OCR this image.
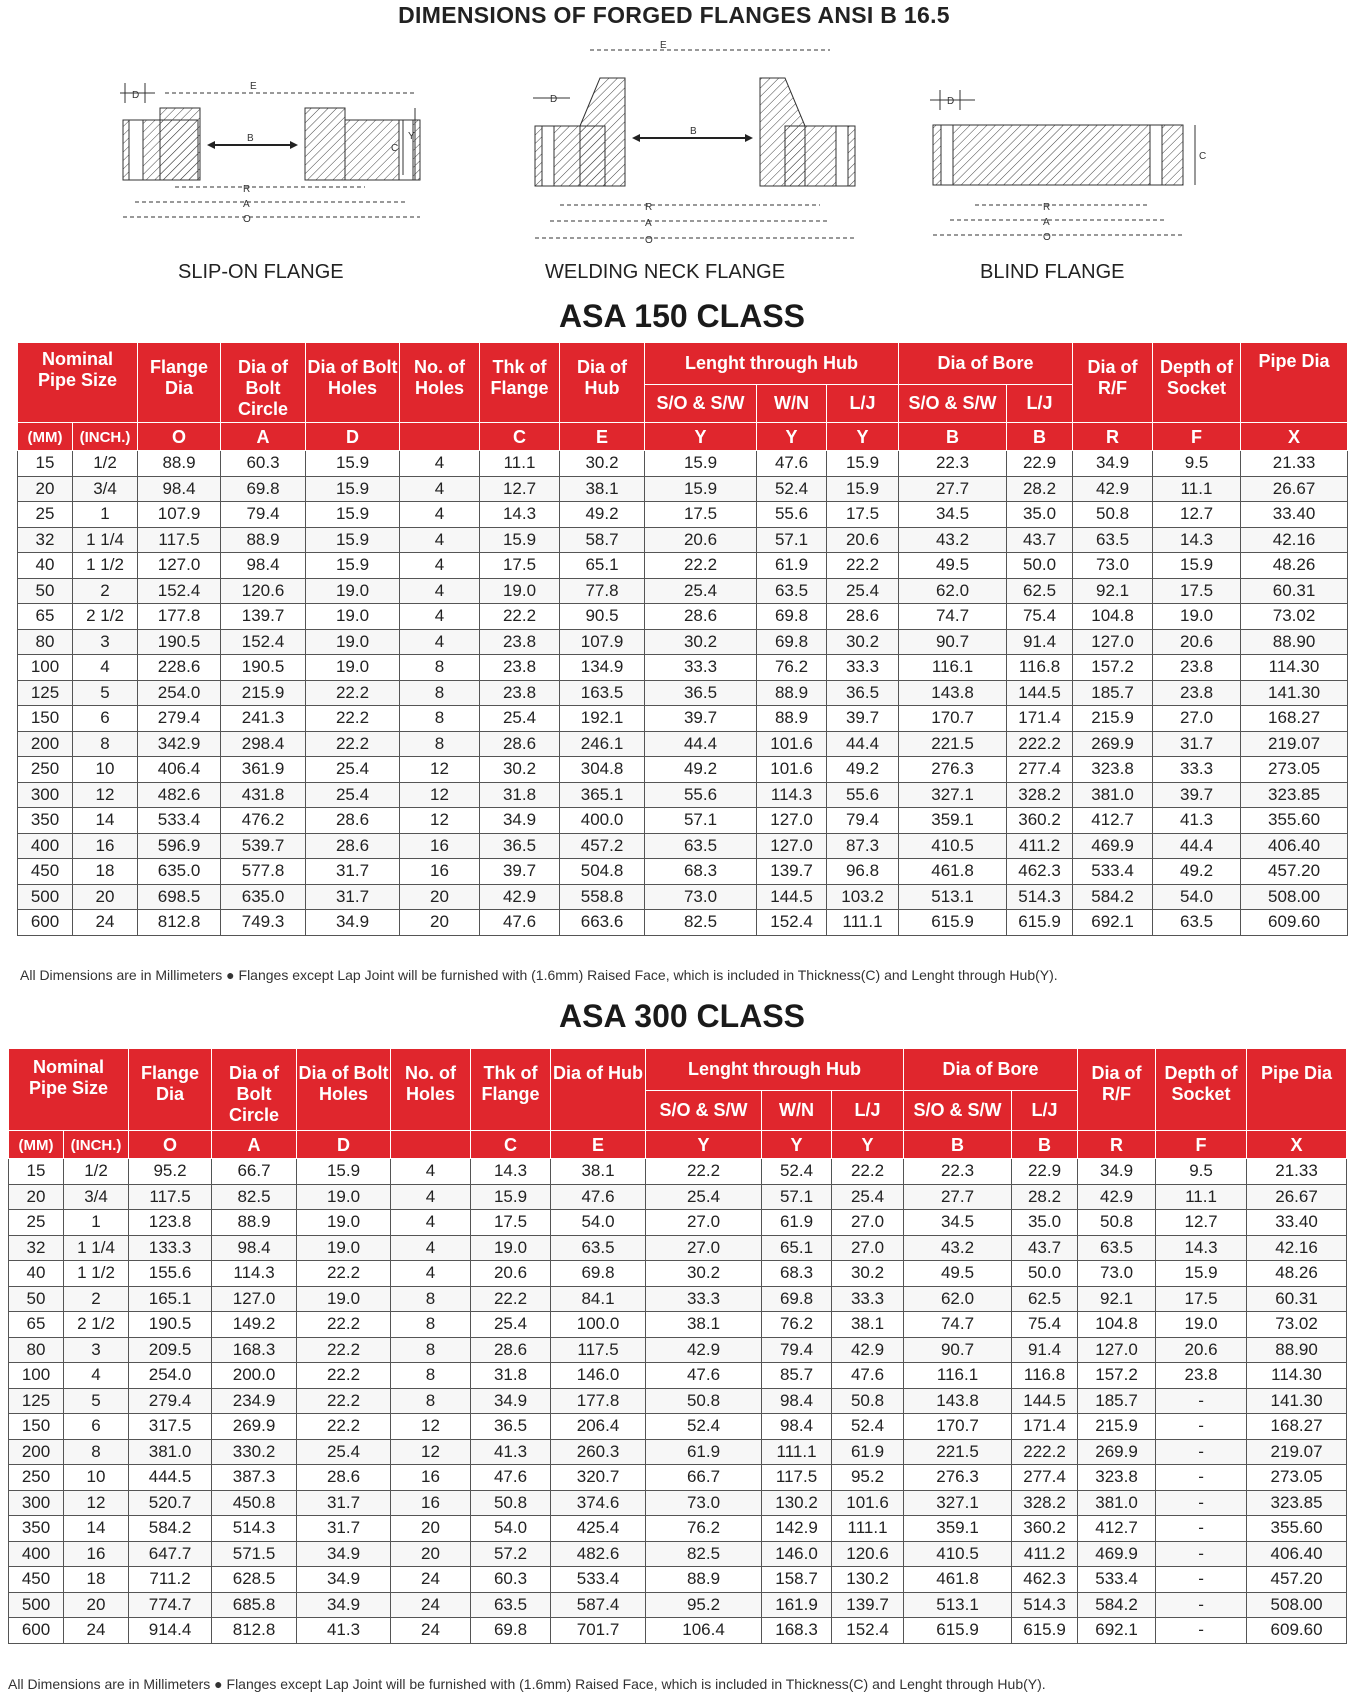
DIMENSIONS OF FORGED FLANGES ANSI B 16.5
D
E
B
R
A
O
C
Y
SLIP-ON FLANGE
E
D
B
R
A
O
WELDING NECK FLANGE
D
C
R
A
O
BLIND FLANGE
ASA 150 CLASS
Nominal Pipe Size		Flange Dia	Dia of Bolt Circle	Dia of Bolt Holes	No. of Holes	Thk of Flange	Dia of Hub	Lenght through Hub			Dia of Bore		Dia of R/F	Depth of Socket	Pipe Dia
								S/O & S/W	W/N	L/J	S/O & S/W	L/J			
(MM)	(INCH.)	O	A	D		C	E	Y	Y	Y	B	B	R	F	X
15	1/2	88.9	60.3	15.9	4	11.1	30.2	15.9	47.6	15.9	22.3	22.9	34.9	9.5	21.33
20	3/4	98.4	69.8	15.9	4	12.7	38.1	15.9	52.4	15.9	27.7	28.2	42.9	11.1	26.67
25	1	107.9	79.4	15.9	4	14.3	49.2	17.5	55.6	17.5	34.5	35.0	50.8	12.7	33.40
32	1 1/4	117.5	88.9	15.9	4	15.9	58.7	20.6	57.1	20.6	43.2	43.7	63.5	14.3	42.16
40	1 1/2	127.0	98.4	15.9	4	17.5	65.1	22.2	61.9	22.2	49.5	50.0	73.0	15.9	48.26
50	2	152.4	120.6	19.0	4	19.0	77.8	25.4	63.5	25.4	62.0	62.5	92.1	17.5	60.31
65	2 1/2	177.8	139.7	19.0	4	22.2	90.5	28.6	69.8	28.6	74.7	75.4	104.8	19.0	73.02
80	3	190.5	152.4	19.0	4	23.8	107.9	30.2	69.8	30.2	90.7	91.4	127.0	20.6	88.90
100	4	228.6	190.5	19.0	8	23.8	134.9	33.3	76.2	33.3	116.1	116.8	157.2	23.8	114.30
125	5	254.0	215.9	22.2	8	23.8	163.5	36.5	88.9	36.5	143.8	144.5	185.7	23.8	141.30
150	6	279.4	241.3	22.2	8	25.4	192.1	39.7	88.9	39.7	170.7	171.4	215.9	27.0	168.27
200	8	342.9	298.4	22.2	8	28.6	246.1	44.4	101.6	44.4	221.5	222.2	269.9	31.7	219.07
250	10	406.4	361.9	25.4	12	30.2	304.8	49.2	101.6	49.2	276.3	277.4	323.8	33.3	273.05
300	12	482.6	431.8	25.4	12	31.8	365.1	55.6	114.3	55.6	327.1	328.2	381.0	39.7	323.85
350	14	533.4	476.2	28.6	12	34.9	400.0	57.1	127.0	79.4	359.1	360.2	412.7	41.3	355.60
400	16	596.9	539.7	28.6	16	36.5	457.2	63.5	127.0	87.3	410.5	411.2	469.9	44.4	406.40
450	18	635.0	577.8	31.7	16	39.7	504.8	68.3	139.7	96.8	461.8	462.3	533.4	49.2	457.20
500	20	698.5	635.0	31.7	20	42.9	558.8	73.0	144.5	103.2	513.1	514.3	584.2	54.0	508.00
600	24	812.8	749.3	34.9	20	47.6	663.6	82.5	152.4	111.1	615.9	615.9	692.1	63.5	609.60
All Dimensions are in Millimeters ● Flanges except Lap Joint will be furnished with (1.6mm) Raised Face, which is included in Thickness(C) and Lenght through Hub(Y).
ASA 300 CLASS
Nominal Pipe Size		Flange Dia	Dia of Bolt Circle	Dia of Bolt Holes	No. of Holes	Thk of Flange	Dia of Hub	Lenght through Hub			Dia of Bore		Dia of R/F	Depth of Socket	Pipe Dia
								S/O & S/W	W/N	L/J	S/O & S/W	L/J			
(MM)	(INCH.)	O	A	D		C	E	Y	Y	Y	B	B	R	F	X
15	1/2	95.2	66.7	15.9	4	14.3	38.1	22.2	52.4	22.2	22.3	22.9	34.9	9.5	21.33
20	3/4	117.5	82.5	19.0	4	15.9	47.6	25.4	57.1	25.4	27.7	28.2	42.9	11.1	26.67
25	1	123.8	88.9	19.0	4	17.5	54.0	27.0	61.9	27.0	34.5	35.0	50.8	12.7	33.40
32	1 1/4	133.3	98.4	19.0	4	19.0	63.5	27.0	65.1	27.0	43.2	43.7	63.5	14.3	42.16
40	1 1/2	155.6	114.3	22.2	4	20.6	69.8	30.2	68.3	30.2	49.5	50.0	73.0	15.9	48.26
50	2	165.1	127.0	19.0	8	22.2	84.1	33.3	69.8	33.3	62.0	62.5	92.1	17.5	60.31
65	2 1/2	190.5	149.2	22.2	8	25.4	100.0	38.1	76.2	38.1	74.7	75.4	104.8	19.0	73.02
80	3	209.5	168.3	22.2	8	28.6	117.5	42.9	79.4	42.9	90.7	91.4	127.0	20.6	88.90
100	4	254.0	200.0	22.2	8	31.8	146.0	47.6	85.7	47.6	116.1	116.8	157.2	23.8	114.30
125	5	279.4	234.9	22.2	8	34.9	177.8	50.8	98.4	50.8	143.8	144.5	185.7	-	141.30
150	6	317.5	269.9	22.2	12	36.5	206.4	52.4	98.4	52.4	170.7	171.4	215.9	-	168.27
200	8	381.0	330.2	25.4	12	41.3	260.3	61.9	111.1	61.9	221.5	222.2	269.9	-	219.07
250	10	444.5	387.3	28.6	16	47.6	320.7	66.7	117.5	95.2	276.3	277.4	323.8	-	273.05
300	12	520.7	450.8	31.7	16	50.8	374.6	73.0	130.2	101.6	327.1	328.2	381.0	-	323.85
350	14	584.2	514.3	31.7	20	54.0	425.4	76.2	142.9	111.1	359.1	360.2	412.7	-	355.60
400	16	647.7	571.5	34.9	20	57.2	482.6	82.5	146.0	120.6	410.5	411.2	469.9	-	406.40
450	18	711.2	628.5	34.9	24	60.3	533.4	88.9	158.7	130.2	461.8	462.3	533.4	-	457.20
500	20	774.7	685.8	34.9	24	63.5	587.4	95.2	161.9	139.7	513.1	514.3	584.2	-	508.00
600	24	914.4	812.8	41.3	24	69.8	701.7	106.4	168.3	152.4	615.9	615.9	692.1	-	609.60
All Dimensions are in Millimeters ● Flanges except Lap Joint will be furnished with (1.6mm) Raised Face, which is included in Thickness(C) and Lenght through Hub(Y).
